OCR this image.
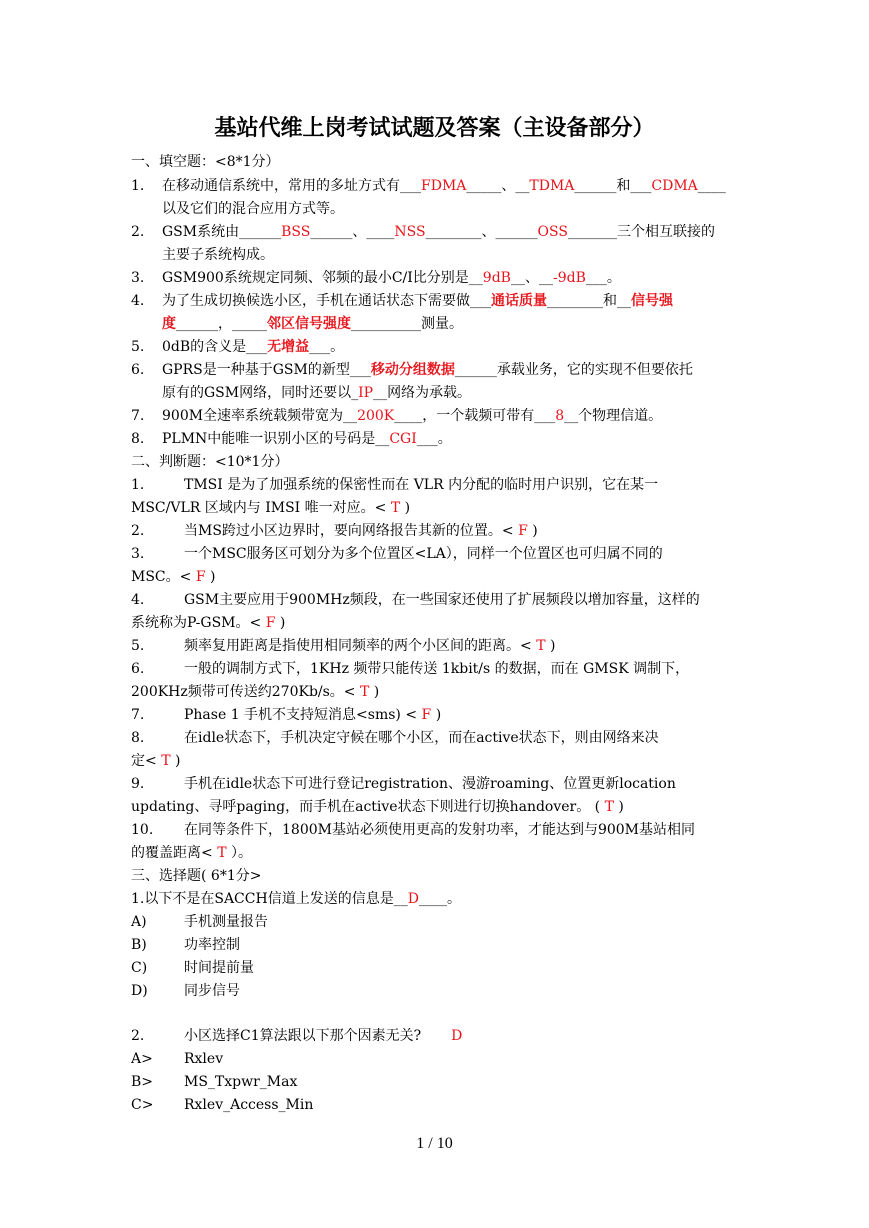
基站代维上岗考试试题及答案（主设备部分）
一、填空题：<8*1分）
1. 在移动通信系统中，常用的多址方式有___FDMA_____、__TDMA______和___CDMA____
以及它们的混合应用方式等。
2. GSM系统由______BSS______、____NSS________、______OSS_______三个相互联接的
主要子系统构成。
3. GSM900系统规定同频、邻频的最小C/I比分别是__9dB__、__-9dB___。
4. 为了生成切换候选小区，手机在通话状态下需要做___通话质量________和__信号强
度______，_____邻区信号强度__________测量。
5. 0dB的含义是___无增益___。
6. GPRS是一种基于GSM的新型___移动分组数据______承载业务，它的实现不但要依托
原有的GSM网络，同时还要以_IP__网络为承载。
7. 900M全速率系统载频带宽为__200K____，一个载频可带有___8__个物理信道。
8. PLMN中能唯一识别小区的号码是__CGI___。
二、判断题：<10*1分）
1.	TMSI 是为了加强系统的保密性而在 VLR 内分配的临时用户识别，它在某一
MSC/VLR 区域内与 IMSI 唯一对应。< T )
2.	当MS跨过小区边界时，要向网络报告其新的位置。< F )
3.	一个MSC服务区可划分为多个位置区<LA），同样一个位置区也可归属不同的
MSC。< F )
4.	GSM主要应用于900MHz频段，在一些国家还使用了扩展频段以增加容量，这样的
系统称为P-GSM。< F )
5.	频率复用距离是指使用相同频率的两个小区间的距离。< T )
6.	一般的调制方式下，1KHz 频带只能传送 1kbit/s 的数据，而在 GMSK 调制下，
200KHz频带可传送约270Kb/s。< T )
7.	Phase 1 手机不支持短消息<sms) < F )
8.	在idle状态下，手机决定守候在哪个小区，而在active状态下，则由网络来决
定< T )
9.	手机在idle状态下可进行登记registration、漫游roaming、位置更新location
updating、寻呼paging，而手机在active状态下则进行切换handover。 ( T )
10. 在同等条件下，1800M基站必须使用更高的发射功率，才能达到与900M基站相同
的覆盖距离< T ）。
三、选择题( 6*1分>
1.以下不是在SACCH信道上发送的信息是__D____。
A)	手机测量报告
B)	功率控制
C)	时间提前量
D)	同步信号
2.	小区选择C1算法跟以下那个因素无关? D
A> Rxlev
B> MS_Txpwr_Max
C> Rxlev_Access_Min
1 / 10
